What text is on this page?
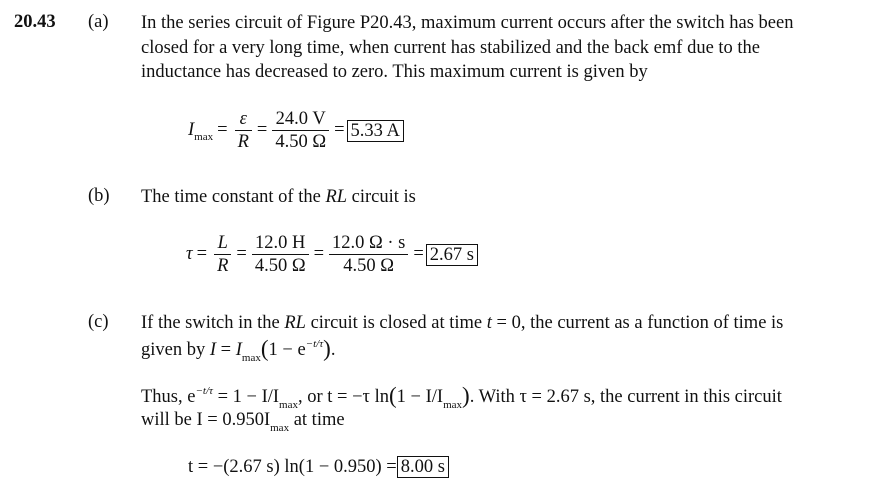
20.43 (a) In the series circuit of Figure P20.43, maximum current occurs after the switch has been
closed for a very long time, when current has stabilized and the back emf due to the
inductance has decreased to zero. This maximum current is given by
I $\max = \frac{\varepsilon}{R} = \frac{24.0 V}{4.50 \Omega} = 5.33$ A
(b) The time constant of the RL circuit is
$\tau = \frac{L}{R} = \frac{12.0 H}{4.50 \Omega} = \frac{12.0 \Omega \cdot s}{4.50 \Omega} = 2.67$ s
(c) If the switch in the RL circuit is closed at time t = 0, the current as a function of time is
given by $I = I_{max}(1 - e^{-t/\tau})$.
Thus, $e^{-t/\tau} = 1 - I/I_{max}$, or t = −τ $\ln(1 - I/I_{max})$. With τ = 2.67 s, the current in this circuit
will be $I = 0.950I_{max}$ at time
t = −(2.67 s) ln(1 − 0.950) = 8.00 s
